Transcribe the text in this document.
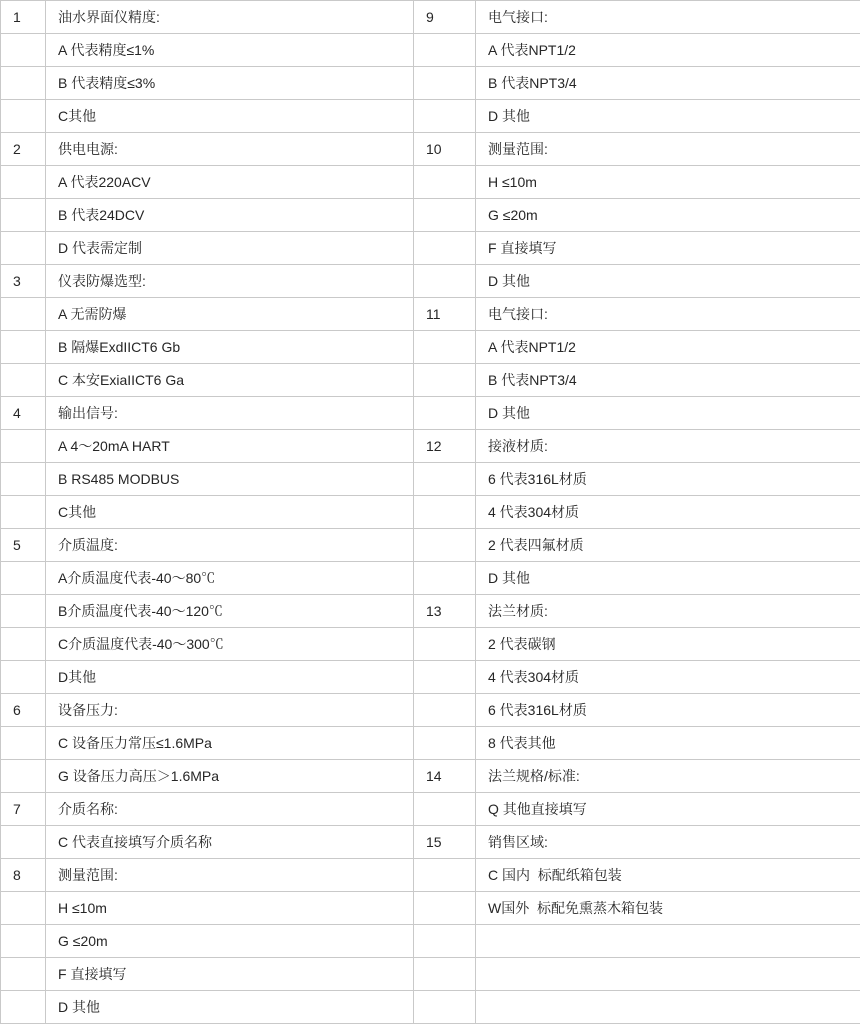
1	油水界面仪精度:	9	电气接口:
	A 代表精度≤1%		A 代表NPT1/2
	B 代表精度≤3%		B 代表NPT3/4
	C其他		D 其他
2	供电电源:	10	测量范围:
	A 代表220ACV		H ≤10m
	B 代表24DCV		G ≤20m
	D 代表需定制		F 直接填写
3	仪表防爆选型:		D 其他
	A 无需防爆	11	电气接口:
	B 隔爆ExdIICT6 Gb		A 代表NPT1/2
	C 本安ExiaIICT6 Ga		B 代表NPT3/4
4	输出信号:		D 其他
	A 4～20mA HART	12	接液材质:
	B RS485 MODBUS		6 代表316L材质
	C其他		4 代表304材质
5	介质温度:		2 代表四氟材质
	A介质温度代表-40～80℃		D 其他
	B介质温度代表-40～120℃	13	法兰材质:
	C介质温度代表-40～300℃		2 代表碳钢
	D其他		4 代表304材质
6	设备压力:		6 代表316L材质
	C 设备压力常压≤1.6MPa		8 代表其他
	G 设备压力高压＞1.6MPa	14	法兰规格/标准:
7	介质名称:		Q 其他直接填写
	C 代表直接填写介质名称	15	销售区域:
8	测量范围:		C 国内  标配纸箱包装
	H ≤10m		W国外  标配免熏蒸木箱包装
	G ≤20m		
	F 直接填写		
	D 其他		
